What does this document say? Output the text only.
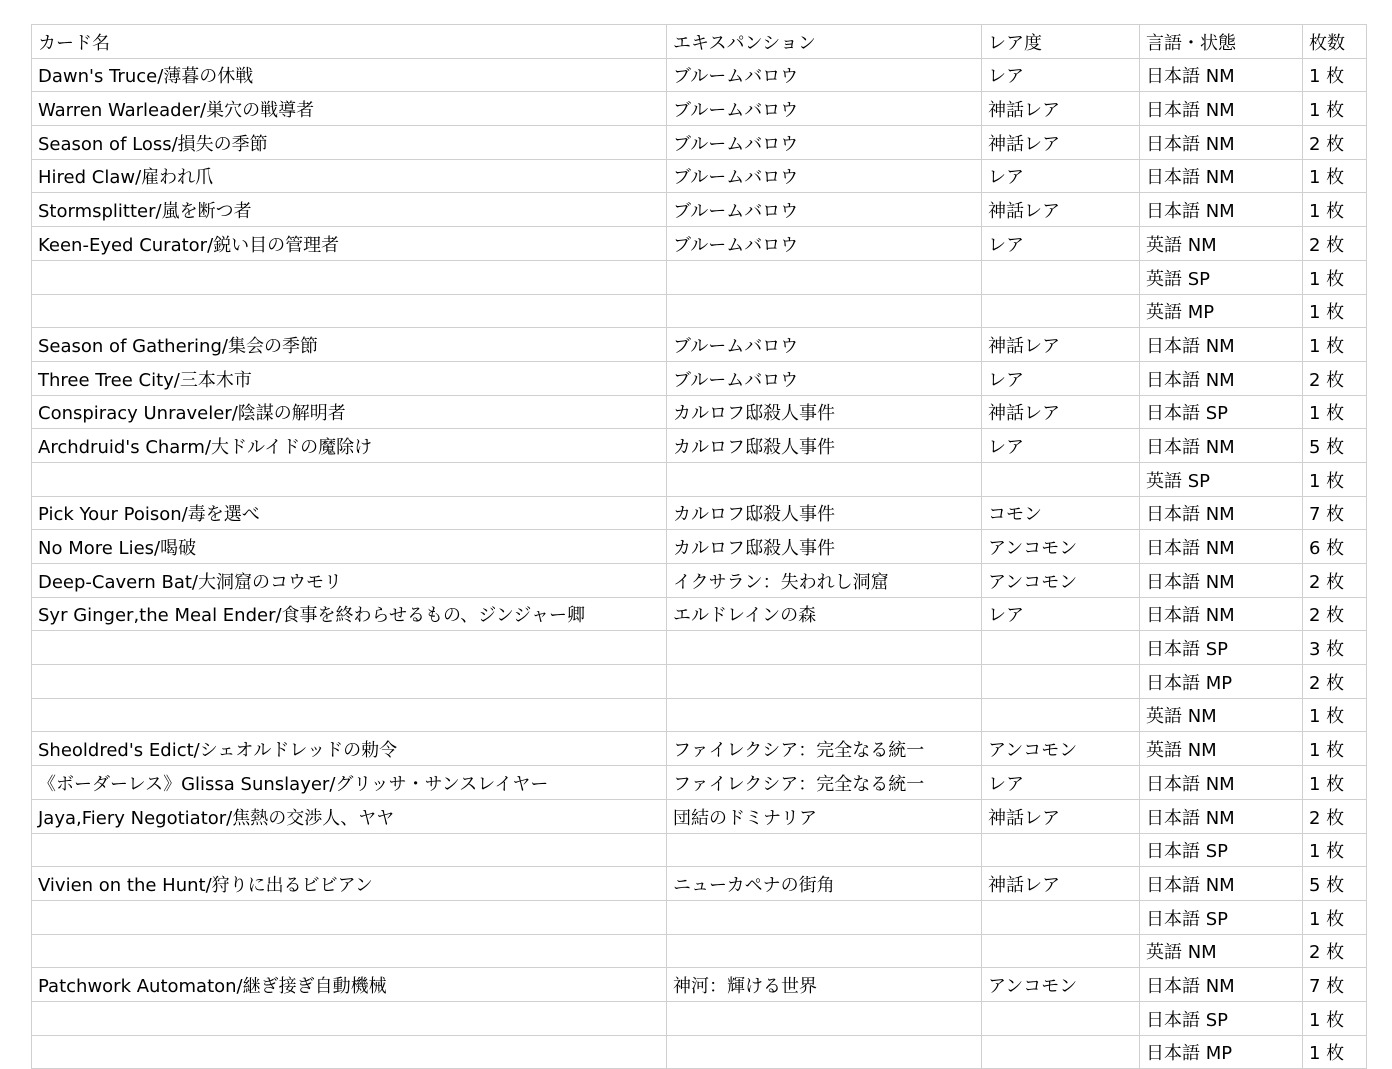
カード名	エキスパンション	レア度	言語・状態	枚数
Dawn's Truce/薄暮の休戦	ブルームバロウ	レア	日本語 NM	1 枚
Warren Warleader/巣穴の戦導者	ブルームバロウ	神話レア	日本語 NM	1 枚
Season of Loss/損失の季節	ブルームバロウ	神話レア	日本語 NM	2 枚
Hired Claw/雇われ爪	ブルームバロウ	レア	日本語 NM	1 枚
Stormsplitter/嵐を断つ者	ブルームバロウ	神話レア	日本語 NM	1 枚
Keen-Eyed Curator/鋭い目の管理者	ブルームバロウ	レア	英語 NM	2 枚
			英語 SP	1 枚
			英語 MP	1 枚
Season of Gathering/集会の季節	ブルームバロウ	神話レア	日本語 NM	1 枚
Three Tree City/三本木市	ブルームバロウ	レア	日本語 NM	2 枚
Conspiracy Unraveler/陰謀の解明者	カルロフ邸殺人事件	神話レア	日本語 SP	1 枚
Archdruid's Charm/大ドルイドの魔除け	カルロフ邸殺人事件	レア	日本語 NM	5 枚
			英語 SP	1 枚
Pick Your Poison/毒を選べ	カルロフ邸殺人事件	コモン	日本語 NM	7 枚
No More Lies/喝破	カルロフ邸殺人事件	アンコモン	日本語 NM	6 枚
Deep-Cavern Bat/大洞窟のコウモリ	イクサラン：失われし洞窟	アンコモン	日本語 NM	2 枚
Syr Ginger,the Meal Ender/食事を終わらせるもの、ジンジャー卿	エルドレインの森	レア	日本語 NM	2 枚
			日本語 SP	3 枚
			日本語 MP	2 枚
			英語 NM	1 枚
Sheoldred's Edict/シェオルドレッドの勅令	ファイレクシア：完全なる統一	アンコモン	英語 NM	1 枚
《ボーダーレス》Glissa Sunslayer/グリッサ・サンスレイヤー	ファイレクシア：完全なる統一	レア	日本語 NM	1 枚
Jaya,Fiery Negotiator/焦熱の交渉人、ヤヤ	団結のドミナリア	神話レア	日本語 NM	2 枚
			日本語 SP	1 枚
Vivien on the Hunt/狩りに出るビビアン	ニューカペナの街角	神話レア	日本語 NM	5 枚
			日本語 SP	1 枚
			英語 NM	2 枚
Patchwork Automaton/継ぎ接ぎ自動機械	神河：輝ける世界	アンコモン	日本語 NM	7 枚
			日本語 SP	1 枚
			日本語 MP	1 枚
